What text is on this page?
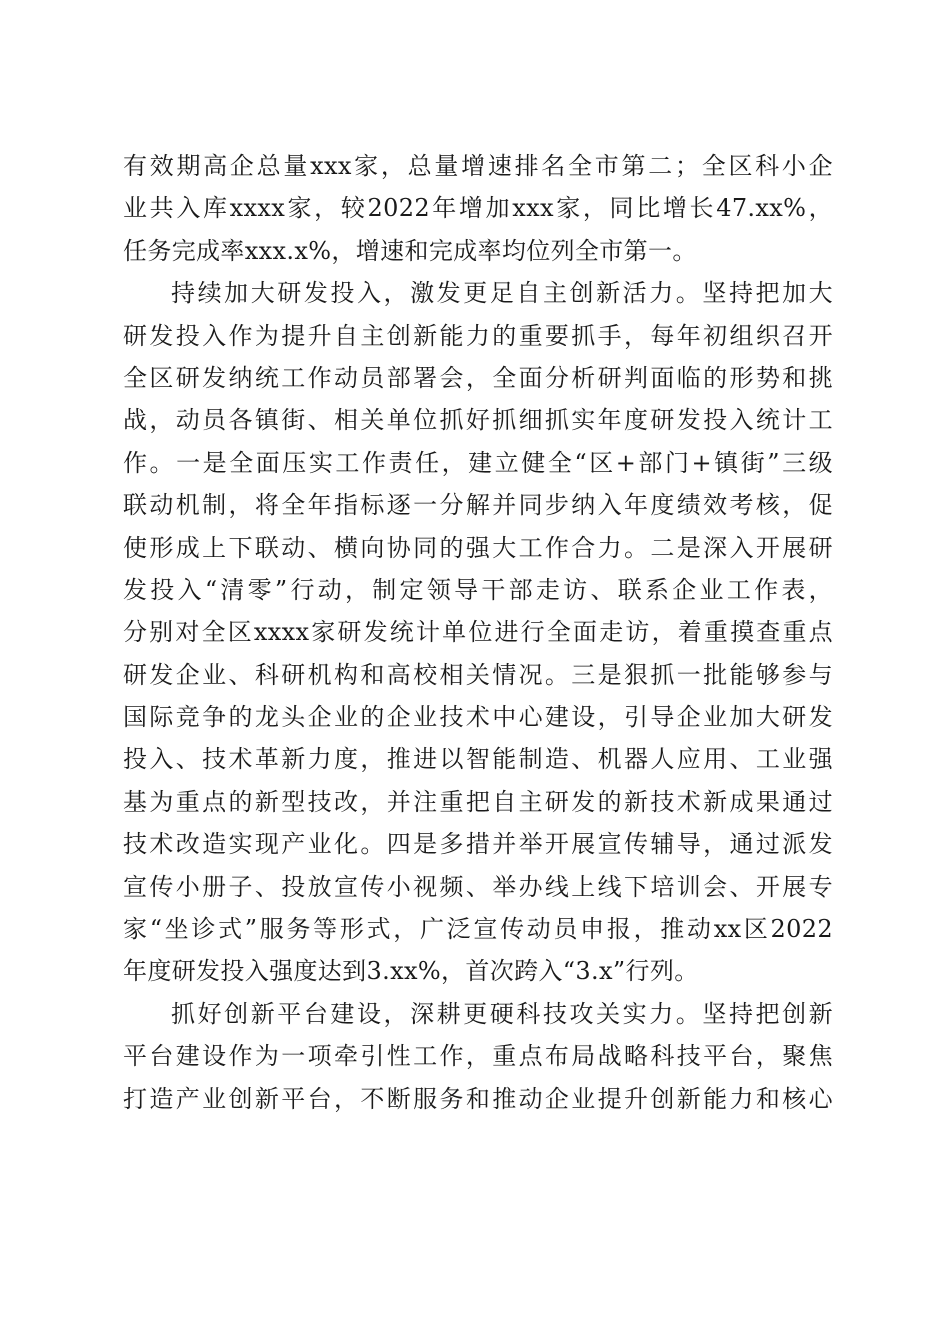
有效期高企总量xxx家，总量增速排名全市第二；全区科小企
业共入库xxxx家，较2022年增加xxx家，同比增长47.xx%，
任务完成率xxx.x%，增速和完成率均位列全市第一。
持续加大研发投入，激发更足自主创新活力。坚持把加大
研发投入作为提升自主创新能力的重要抓手，每年初组织召开
全区研发纳统工作动员部署会，全面分析研判面临的形势和挑
战，动员各镇街、相关单位抓好抓细抓实年度研发投入统计工
作。一是全面压实工作责任，建立健全“区+部门+镇街”三级
联动机制，将全年指标逐一分解并同步纳入年度绩效考核，促
使形成上下联动、横向协同的强大工作合力。二是深入开展研
发投入“清零”行动，制定领导干部走访、联系企业工作表，
分别对全区xxxx家研发统计单位进行全面走访，着重摸查重点
研发企业、科研机构和高校相关情况。三是狠抓一批能够参与
国际竞争的龙头企业的企业技术中心建设，引导企业加大研发
投入、技术革新力度，推进以智能制造、机器人应用、工业强
基为重点的新型技改，并注重把自主研发的新技术新成果通过
技术改造实现产业化。四是多措并举开展宣传辅导，通过派发
宣传小册子、投放宣传小视频、举办线上线下培训会、开展专
家“坐诊式”服务等形式，广泛宣传动员申报，推动xx区2022
年度研发投入强度达到3.xx%，首次跨入“3.x”行列。
抓好创新平台建设，深耕更硬科技攻关实力。坚持把创新
平台建设作为一项牵引性工作，重点布局战略科技平台，聚焦
打造产业创新平台，不断服务和推动企业提升创新能力和核心
